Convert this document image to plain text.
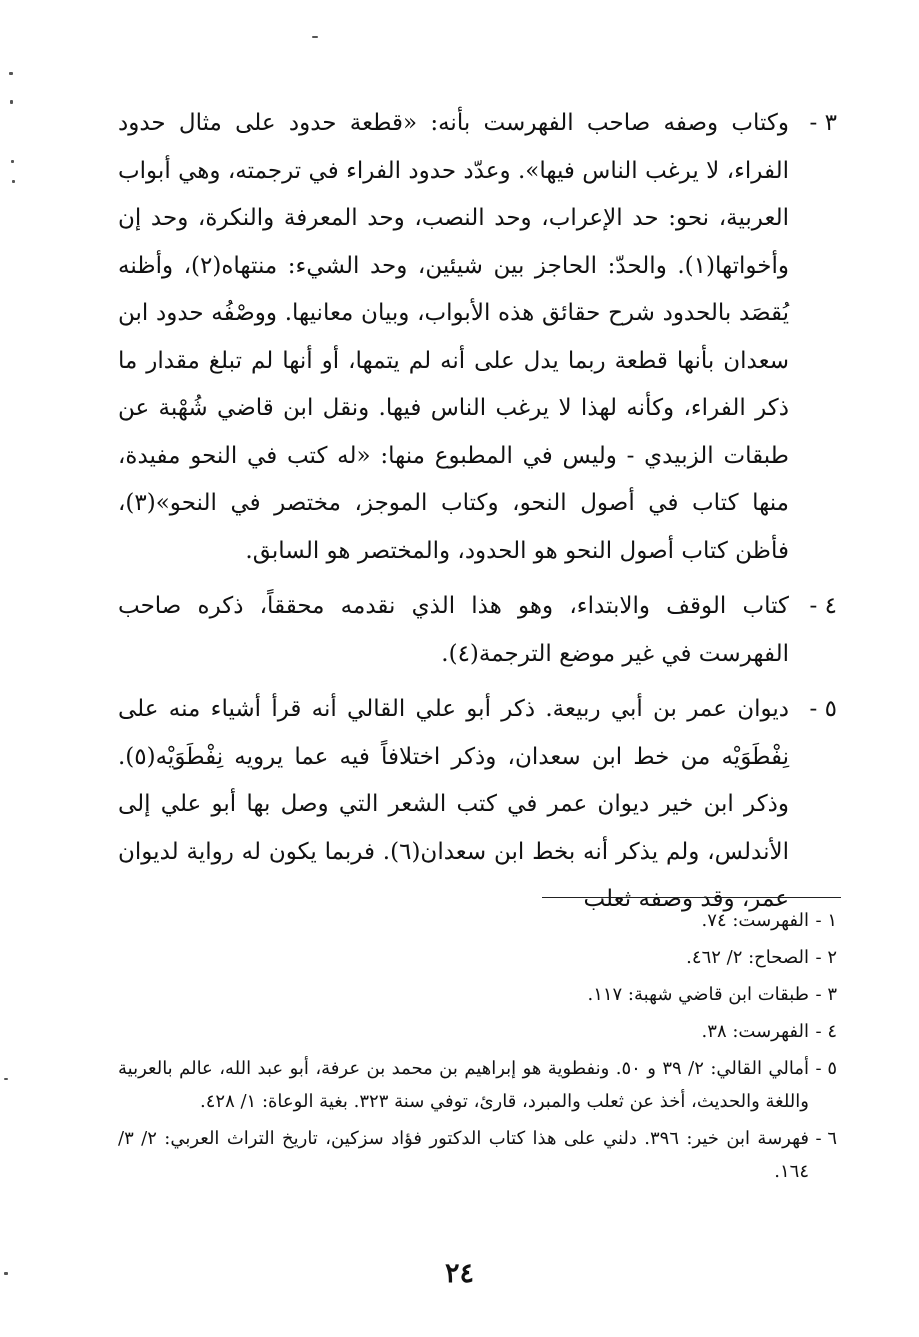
٣ -
وكتاب وصفه صاحب الفهرست بأنه: «قطعة حدود على مثال حدود الفراء، لا يرغب الناس فيها». وعدّد حدود الفراء في ترجمته، وهي أبواب العربية، نحو: حد الإعراب، وحد النصب، وحد المعرفة والنكرة، وحد إن وأخواتها(١). والحدّ: الحاجز بين شيئين، وحد الشيء: منتهاه(٢)، وأظنه يُقصَد بالحدود شرح حقائق هذه الأبواب، وبيان معانيها. ووصْفُه حدود ابن سعدان بأنها قطعة ربما يدل على أنه لم يتمها، أو أنها لم تبلغ مقدار ما ذكر الفراء، وكأنه لهذا لا يرغب الناس فيها. ونقل ابن قاضي شُهْبة عن طبقات الزبيدي - وليس في المطبوع منها: «له كتب في النحو مفيدة، منها كتاب في أصول النحو، وكتاب الموجز، مختصر في النحو»(٣)، فأظن كتاب أصول النحو هو الحدود، والمختصر هو السابق.

٤ -
كتاب الوقف والابتداء، وهو هذا الذي نقدمه محققاً، ذكره صاحب الفهرست في غير موضع الترجمة(٤).

٥ -
ديوان عمر بن أبي ربيعة. ذكر أبو علي القالي أنه قرأ أشياء منه على نِفْطَوَيْه من خط ابن سعدان، وذكر اختلافاً فيه عما يرويه نِفْطَوَيْه(٥). وذكر ابن خير ديوان عمر في كتب الشعر التي وصل بها أبو علي إلى الأندلس، ولم يذكر أنه بخط ابن سعدان(٦). فربما يكون له رواية لديوان عمر، وقد وصفه ثعلب

١ -
الفهرست: ٧٤.

٢ -
الصحاح: ٢/ ٤٦٢.

٣ -
طبقات ابن قاضي شهبة: ١١٧.

٤ -
الفهرست: ٣٨.

٥ -
أمالي القالي: ٢/ ٣٩ و ٥٠. ونفطوية هو إبراهيم بن محمد بن عرفة، أبو عبد الله، عالم بالعربية واللغة والحديث، أخذ عن ثعلب والمبرد، قارئ، توفي سنة ٣٢٣. بغية الوعاة: ١/ ٤٢٨.

٦ -
فهرسة ابن خير: ٣٩٦. دلني على هذا كتاب الدكتور فؤاد سزكين، تاريخ التراث العربي: ٢/ ٣/ ١٦٤.

٢٤
